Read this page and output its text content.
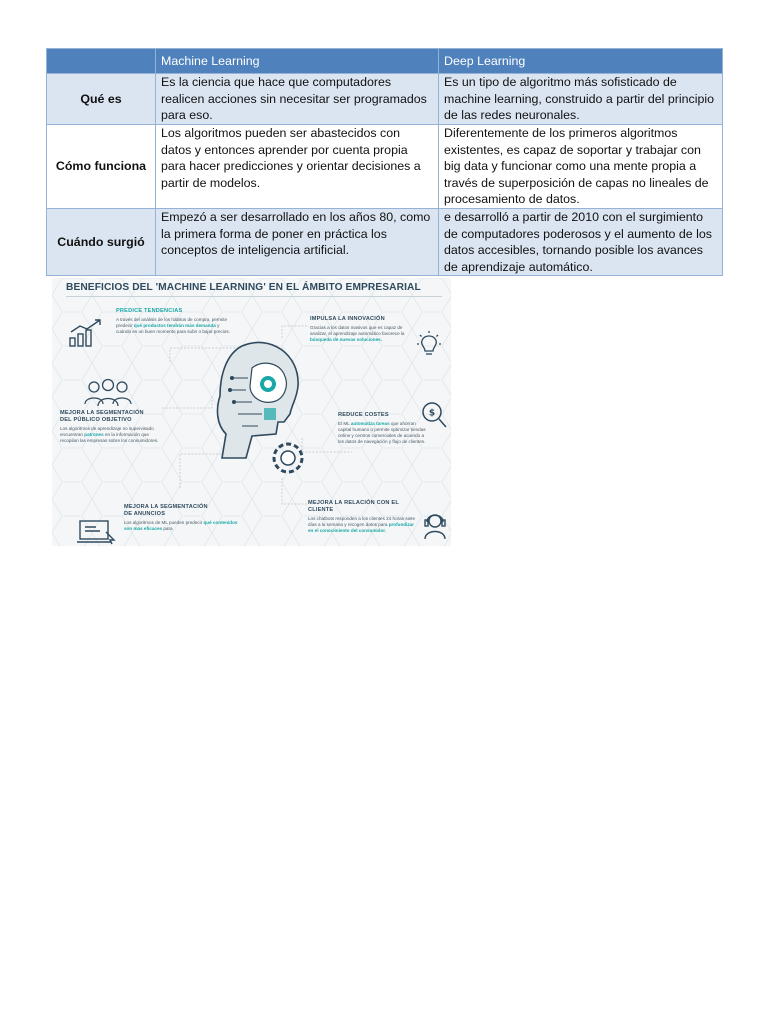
	Machine Learning	Deep Learning
Qué es	Es la ciencia que hace que computadores realicen acciones sin necesitar ser programados para eso.	Es un tipo de algoritmo más sofisticado de machine learning, construido a partir del principio de las redes neuronales.
Cómo funciona	Los algoritmos pueden ser abastecidos con datos y entonces aprender por cuenta propia para hacer predicciones y orientar decisiones a partir de modelos.	Diferentemente de los primeros algoritmos existentes, es capaz de soportar y trabajar con big data y funcionar como una mente propia a través de superposición de capas no lineales de procesamiento de datos.
Cuándo surgió	Empezó a ser desarrollado en los años 80, como la primera forma de poner en práctica los conceptos de inteligencia artificial.	e desarrolló a partir de 2010 con el surgimiento de computadores poderosos y el aumento de los datos accesibles, tornando posible los avances de aprendizaje automático.
BENEFICIOS DEL 'MACHINE LEARNING' EN EL ÁMBITO EMPRESARIAL
PREDICE TENDENCIAS
A través del análisis de los hábitos de compra, permite predecir qué productos tendrán más demanda y cuándo es un buen momento para subir o bajar precios.
IMPULSA LA INNOVACIÓN
Gracias a los datos masivos que es capaz de analizar, el aprendizaje automático favorece la búsqueda de nuevas soluciones.
MEJORA LA SEGMENTACIÓN
DEL PÚBLICO OBJETIVO
Los algoritmos de aprendizaje no supervisado encuentran patrones en la información que recopilan las empresas sobre los consumidores.
REDUCE COSTES
El ML automatiza tareas que ahorran capital humano o permite optimizar tiendas online y centros comerciales de acuerdo a los datos de navegación y flujo de clientes.
$
MEJORA LA SEGMENTACIÓN
DE ANUNCIOS
Los algoritmos de ML pueden predecir qué contenidos son más eficaces para
MEJORA LA RELACIÓN CON EL CLIENTE
Los chatbots responden a los clientes 24 horas siete días a la semana y recogen datos para profundizar en el conocimiento del consumidor.
